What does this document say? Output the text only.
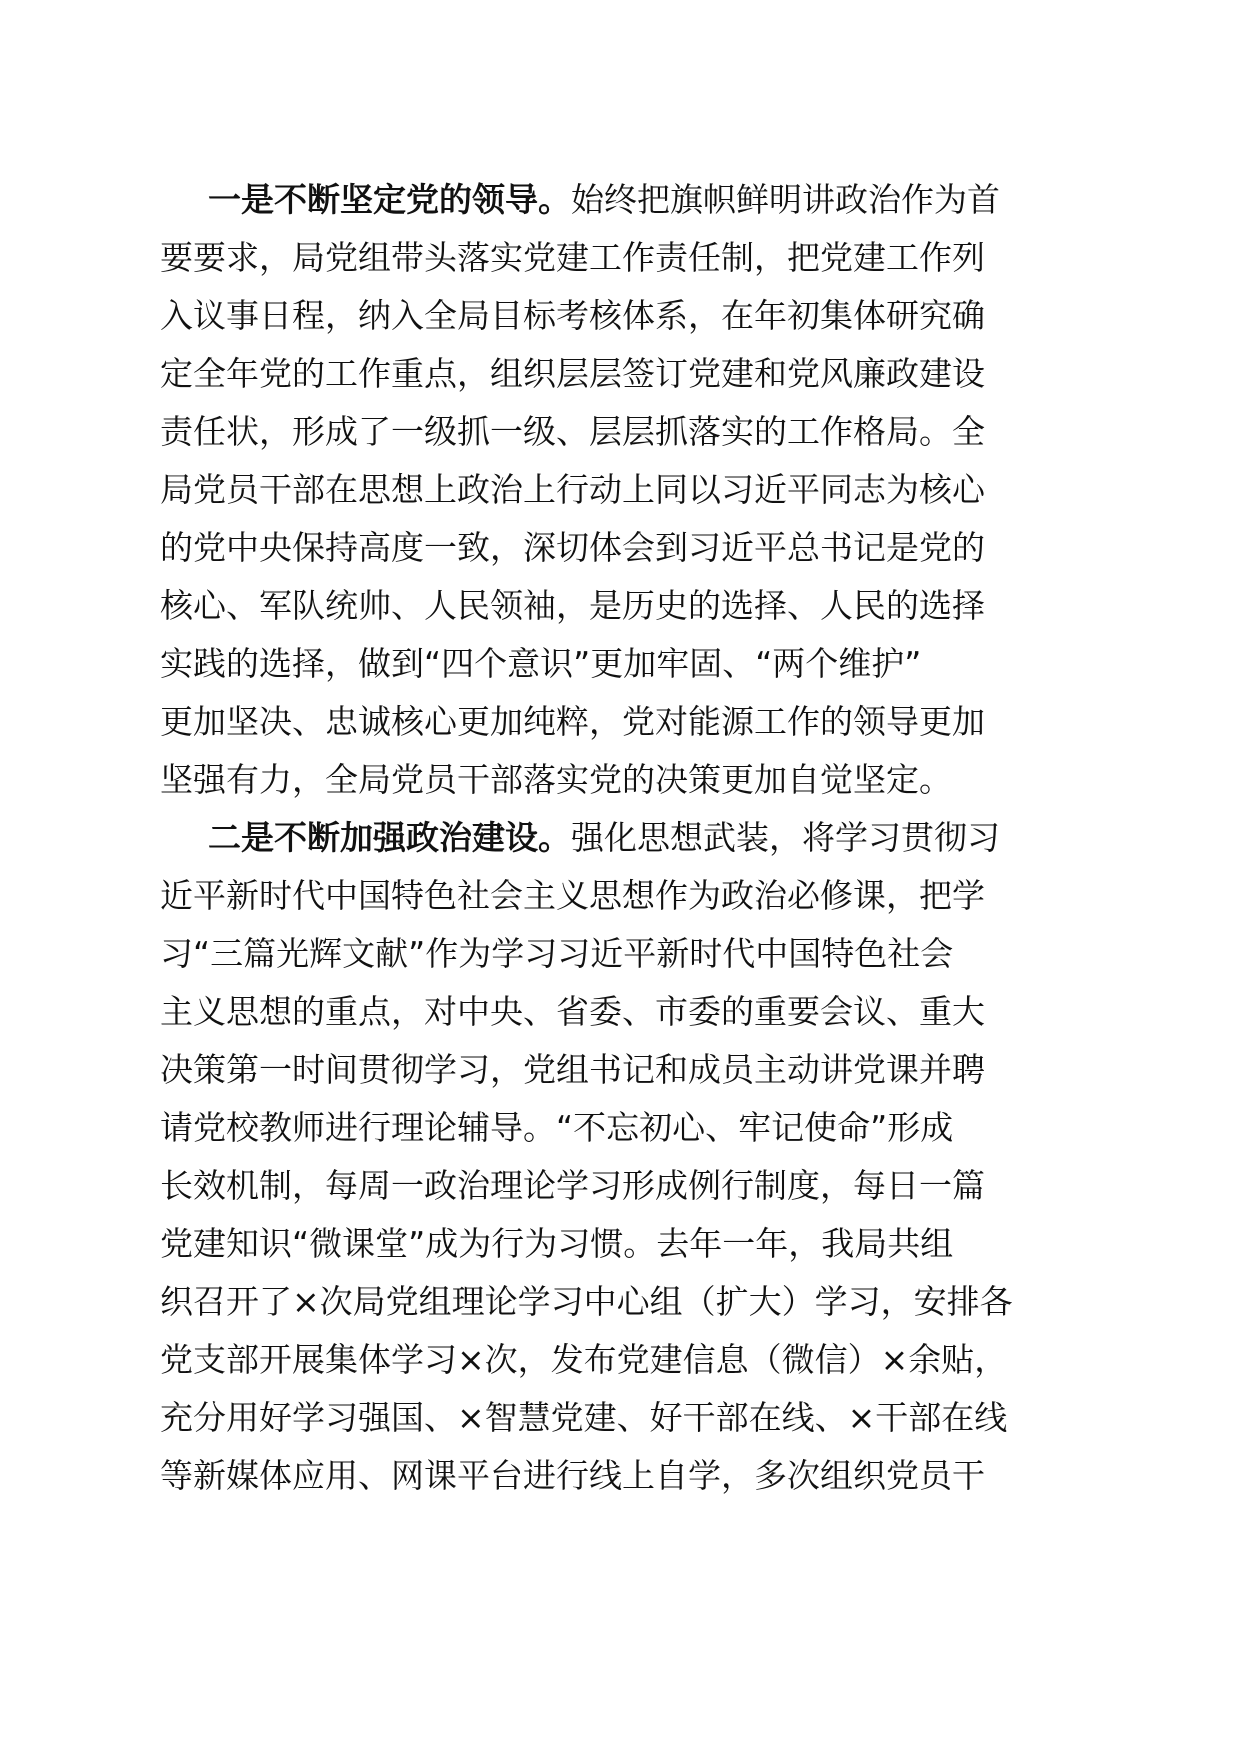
一是不断坚定党的领导。始终把旗帜鲜明讲政治作为首
要要求，局党组带头落实党建工作责任制，把党建工作列
入议事日程，纳入全局目标考核体系，在年初集体研究确
定全年党的工作重点，组织层层签订党建和党风廉政建设
责任状，形成了一级抓一级、层层抓落实的工作格局。全
局党员干部在思想上政治上行动上同以习近平同志为核心
的党中央保持高度一致，深切体会到习近平总书记是党的
核心、军队统帅、人民领袖，是历史的选择、人民的选择
实践的选择，做到“四个意识”更加牢固、“两个维护”
更加坚决、忠诚核心更加纯粹，党对能源工作的领导更加
坚强有力，全局党员干部落实党的决策更加自觉坚定。
二是不断加强政治建设。强化思想武装，将学习贯彻习
近平新时代中国特色社会主义思想作为政治必修课，把学
习“三篇光辉文献”作为学习习近平新时代中国特色社会
主义思想的重点，对中央、省委、市委的重要会议、重大
决策第一时间贯彻学习，党组书记和成员主动讲党课并聘
请党校教师进行理论辅导。“不忘初心、牢记使命”形成
长效机制，每周一政治理论学习形成例行制度，每日一篇
党建知识“微课堂”成为行为习惯。去年一年，我局共组
织召开了×次局党组理论学习中心组（扩大）学习，安排各
党支部开展集体学习×次，发布党建信息（微信）×余贴，
充分用好学习强国、×智慧党建、好干部在线、×干部在线
等新媒体应用、网课平台进行线上自学，多次组织党员干
